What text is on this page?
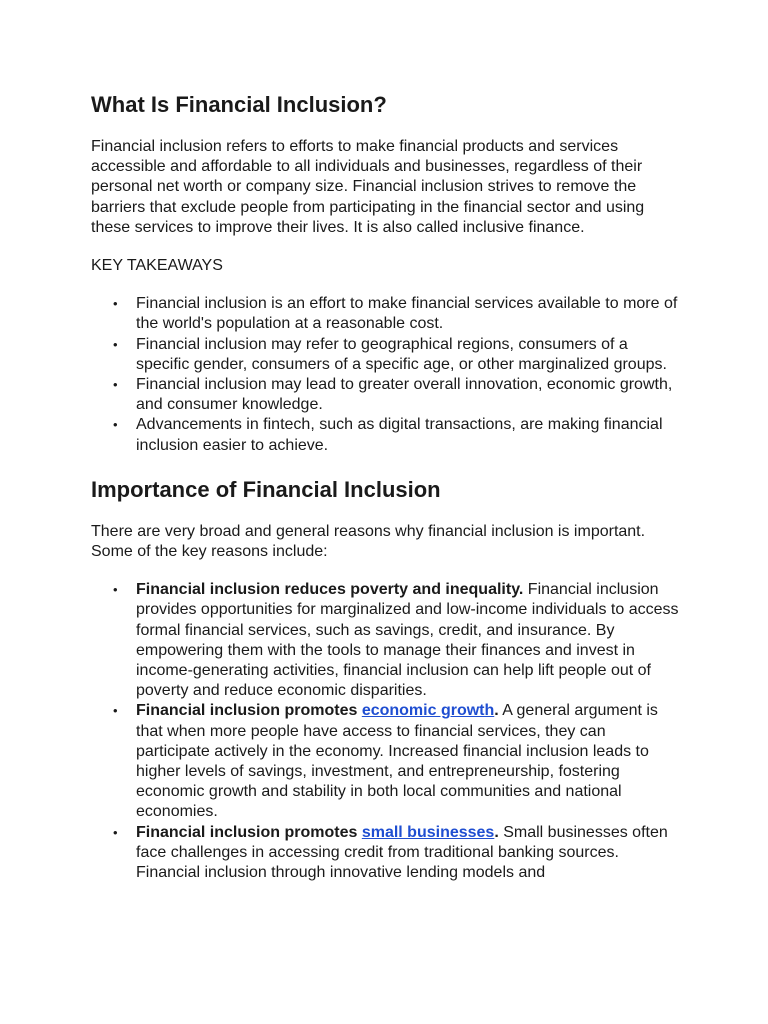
What Is Financial Inclusion?

Financial inclusion refers to efforts to make financial products and services accessible and affordable to all individuals and businesses, regardless of their personal net worth or company size. Financial inclusion strives to remove the barriers that exclude people from participating in the financial sector and using these services to improve their lives. It is also called inclusive finance.

KEY TAKEAWAYS

• Financial inclusion is an effort to make financial services available to more of the world's population at a reasonable cost.
• Financial inclusion may refer to geographical regions, consumers of a specific gender, consumers of a specific age, or other marginalized groups.
• Financial inclusion may lead to greater overall innovation, economic growth, and consumer knowledge.
• Advancements in fintech, such as digital transactions, are making financial inclusion easier to achieve.
Importance of Financial Inclusion

There are very broad and general reasons why financial inclusion is important. Some of the key reasons include:

• Financial inclusion reduces poverty and inequality. Financial inclusion provides opportunities for marginalized and low-income individuals to access formal financial services, such as savings, credit, and insurance. By empowering them with the tools to manage their finances and invest in income-generating activities, financial inclusion can help lift people out of poverty and reduce economic disparities.
• Financial inclusion promotes economic growth. A general argument is that when more people have access to financial services, they can participate actively in the economy. Increased financial inclusion leads to higher levels of savings, investment, and entrepreneurship, fostering economic growth and stability in both local communities and national economies.
• Financial inclusion promotes small businesses. Small businesses often face challenges in accessing credit from traditional banking sources. Financial inclusion through innovative lending models and
